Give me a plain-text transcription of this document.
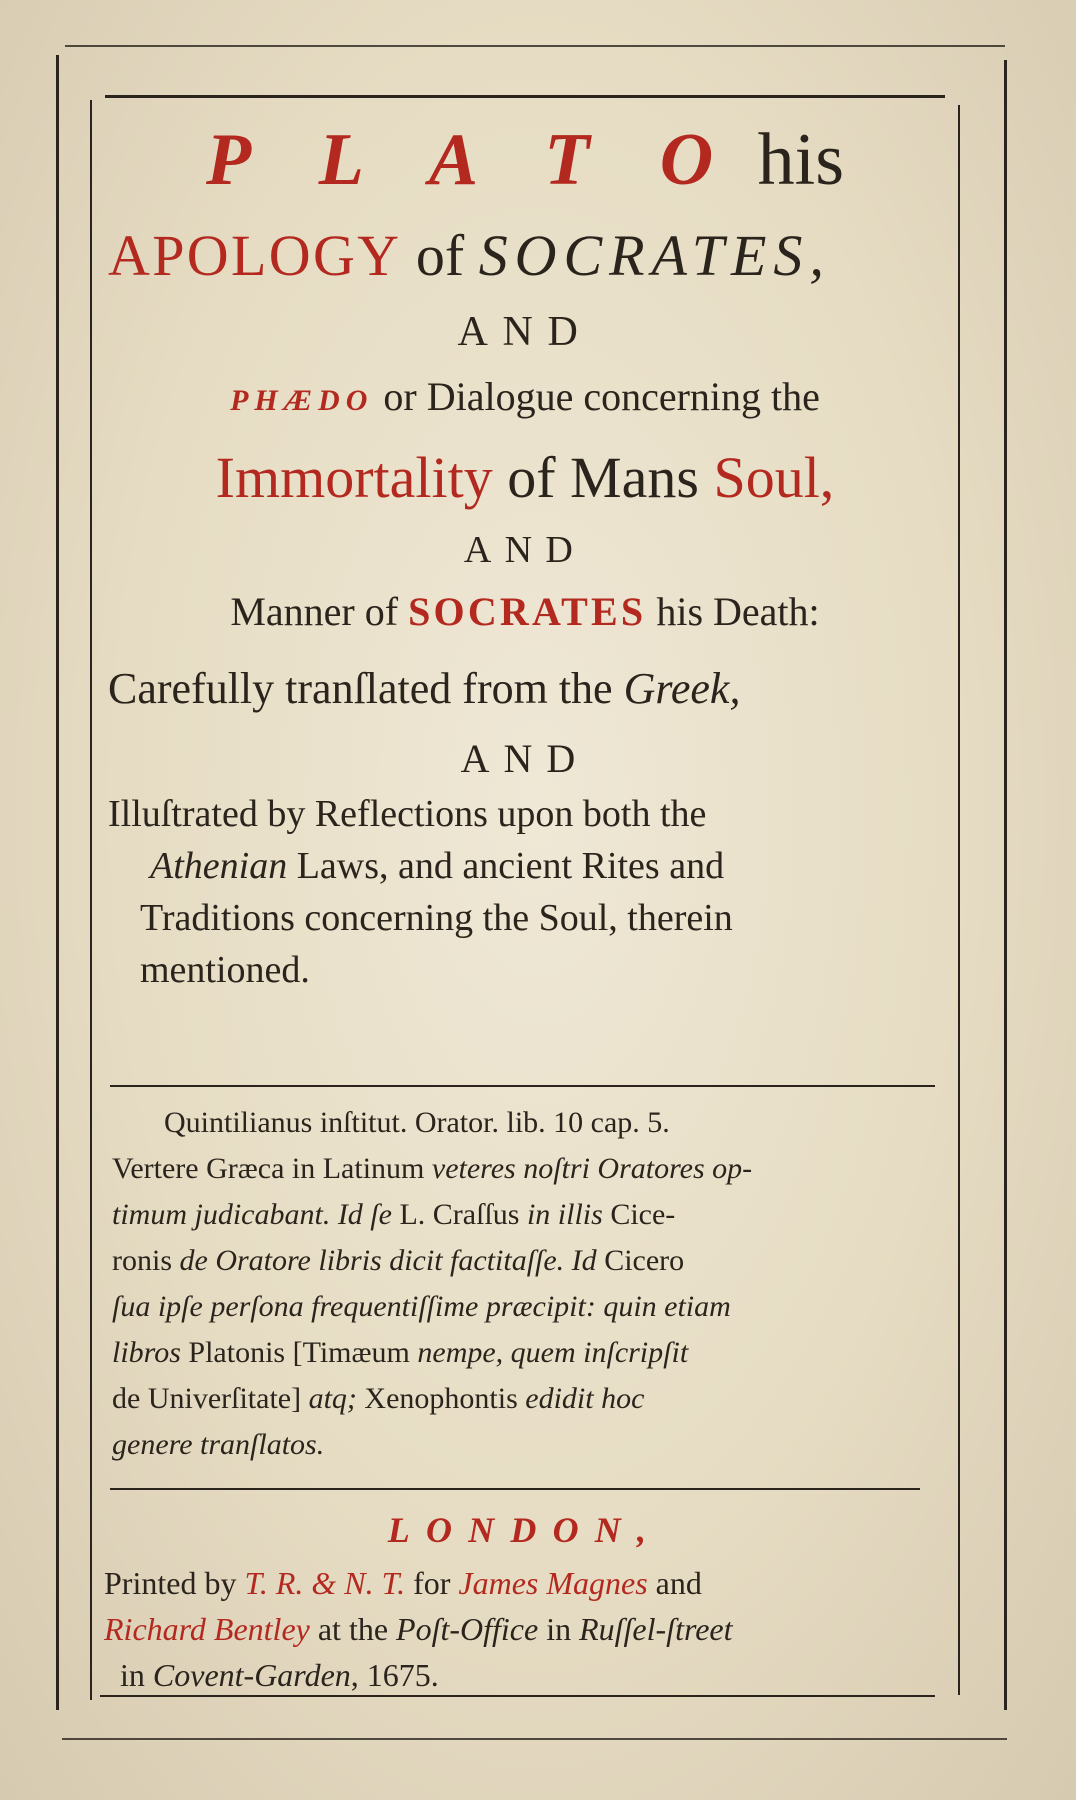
P L A T O his
APOLOGY of SOCRATES,
AND
PHÆDO or Dialogue concerning the
Immortality of Mans Soul,
AND
Manner of SOCRATES his Death:
Carefully tranſlated from the Greek,
AND
Illuſtrated by Reflections upon both the
Athenian Laws, and ancient Rites and
Traditions concerning the Soul, therein
mentioned.
Quintilianus inſtitut. Orator. lib. 10 cap. 5.
Vertere Græca in Latinum veteres noſtri Oratores op-
timum judicabant. Id ſe L. Craſſus in illis Cice-
ronis de Oratore libris dicit factitaſſe. Id Cicero
ſua ipſe perſona frequentiſſime præcipit: quin etiam
libros Platonis [Timæum nempe, quem inſcripſit
de Univerſitate] atq; Xenophontis edidit hoc
genere tranſlatos.
LONDON,
Printed by T. R. & N. T. for James Magnes and
Richard Bentley at the Poſt-Office in Ruſſel-ſtreet
in Covent-Garden, 1675.
